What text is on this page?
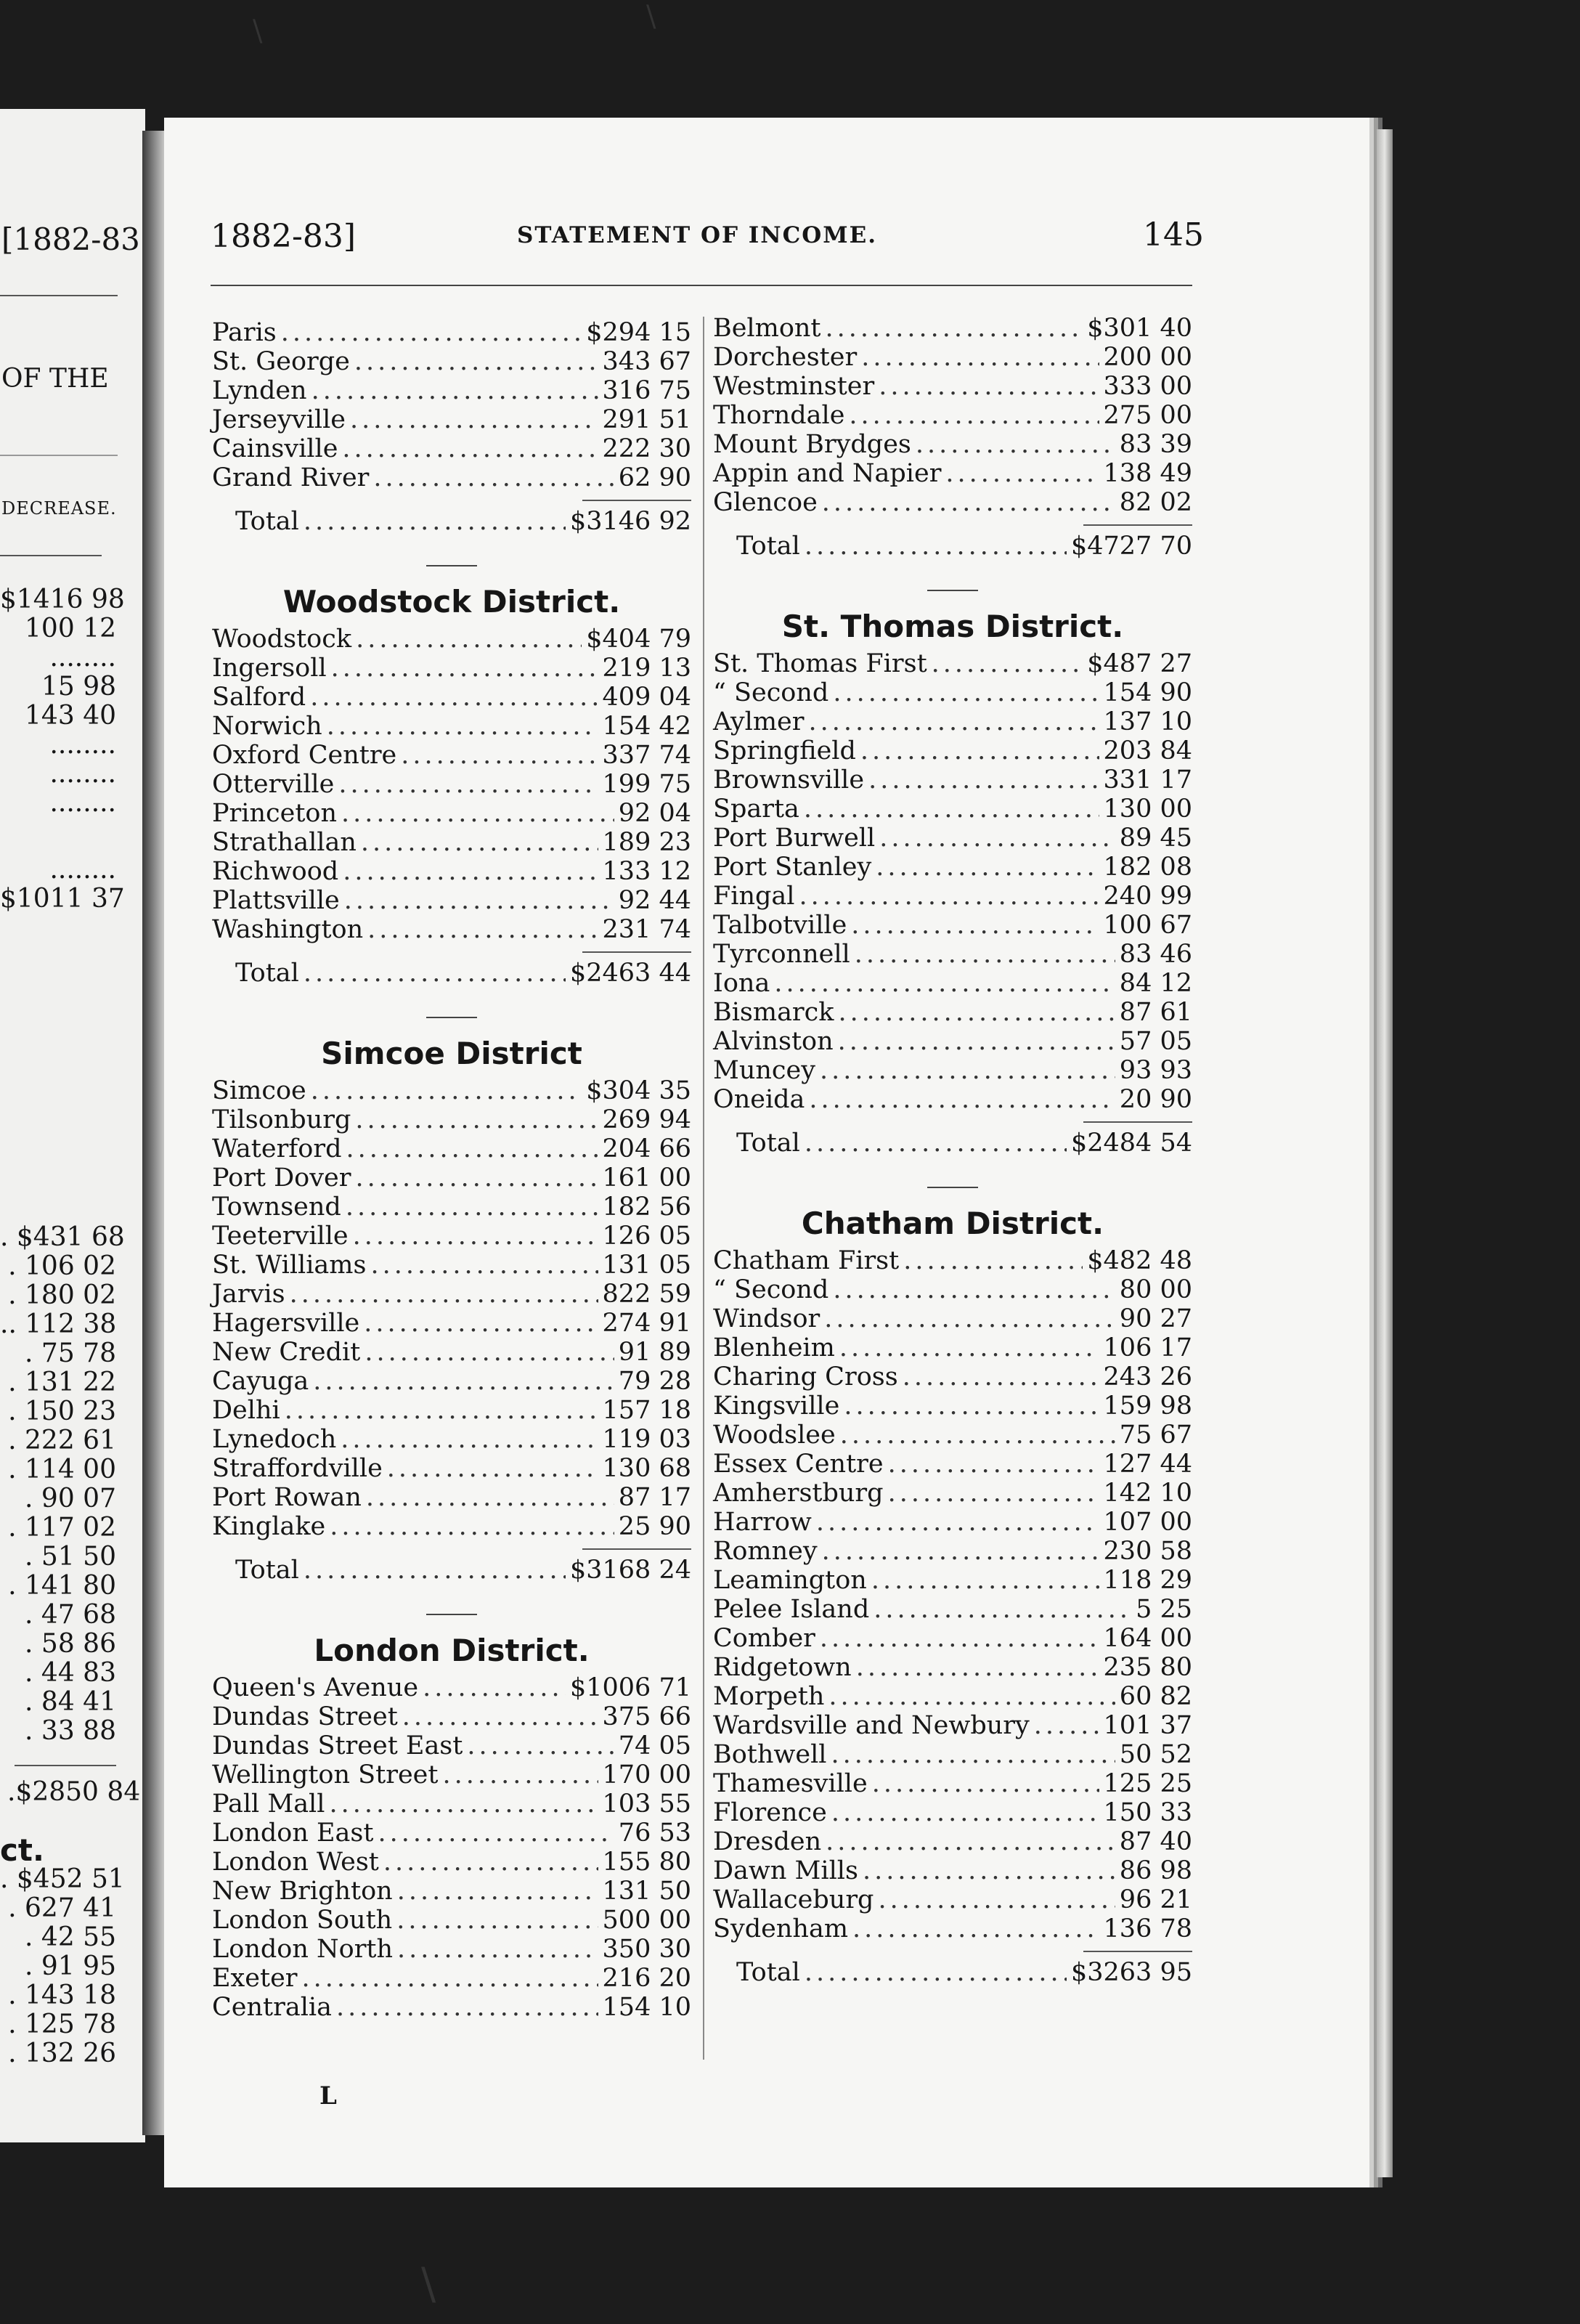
\	\
\
[1882-83
OF THE
DECREASE.
$1416 98
100 12
........
15 98
143 40
........
........
........
........
$1011 37
. $431 68
. 106 02
. 180 02
.. 112 38
. 75 78
. 131 22
. 150 23
. 222 61
. 114 00
. 90 07
. 117 02
. 51 50
. 141 80
. 47 68
. 58 86
. 44 83
. 84 41
. 33 88
.$2850 84
ct.
. $452 51
. 627 41
. 42 55
. 91 95
. 143 18
. 125 78
. 132 26
1882-83]	STATEMENT OF INCOME.	145
Paris .....	$294 15
St. George .....	343 67
Lynden .....	316 75
Jerseyville .....	291 51
Cainsville .....	222 30
Grand River .....	62 90
Total .....	$3146 92
Woodstock District.
Woodstock .....	$404 79
Ingersoll .....	219 13
Salford .....	409 04
Norwich .....	154 42
Oxford Centre .....	337 74
Otterville .....	199 75
Princeton .....	92 04
Strathallan .....	189 23
Richwood .....	133 12
Plattsville .....	92 44
Washington .....	231 74
Total .....	$2463 44
Simcoe District
Simcoe .....	$304 35
Tilsonburg .....	269 94
Waterford .....	204 66
Port Dover .....	161 00
Townsend .....	182 56
Teeterville .....	126 05
St. Williams .....	131 05
Jarvis .....	822 59
Hagersville .....	274 91
New Credit .....	91 89
Cayuga .....	79 28
Delhi .....	157 18
Lynedoch .....	119 03
Straffordville .....	130 68
Port Rowan .....	87 17
Kinglake .....	25 90
Total .....	$3168 24
London District.
Queen's Avenue .....	$1006 71
Dundas Street .....	375 66
Dundas Street East .....	74 05
Wellington Street .....	170 00
Pall Mall .....	103 55
London East .....	76 53
London West .....	155 80
New Brighton .....	131 50
London South .....	500 00
London North .....	350 30
Exeter .....	216 20
Centralia .....	154 10
Belmont .....	$301 40
Dorchester .....	200 00
Westminster .....	333 00
Thorndale .....	275 00
Mount Brydges .....	83 39
Appin and Napier .....	138 49
Glencoe .....	82 02
Total .....	$4727 70
St. Thomas District.
St. Thomas First .....	$487 27
“ Second .....	154 90
Aylmer .....	137 10
Springfield .....	203 84
Brownsville .....	331 17
Sparta .....	130 00
Port Burwell .....	89 45
Port Stanley .....	182 08
Fingal .....	240 99
Talbotville .....	100 67
Tyrconnell .....	83 46
Iona .....	84 12
Bismarck .....	87 61
Alvinston .....	57 05
Muncey .....	93 93
Oneida .....	20 90
Total .....	$2484 54
Chatham District.
Chatham First .....	$482 48
“ Second .....	80 00
Windsor .....	90 27
Blenheim .....	106 17
Charing Cross .....	243 26
Kingsville .....	159 98
Woodslee .....	75 67
Essex Centre .....	127 44
Amherstburg .....	142 10
Harrow .....	107 00
Romney .....	230 58
Leamington .....	118 29
Pelee Island .....	5 25
Comber .....	164 00
Ridgetown .....	235 80
Morpeth .....	60 82
Wardsville and Newbury .....	101 37
Bothwell .....	50 52
Thamesville .....	125 25
Florence .....	150 33
Dresden .....	87 40
Dawn Mills .....	86 98
Wallaceburg .....	96 21
Sydenham .....	136 78
Total .....	$3263 95
L
